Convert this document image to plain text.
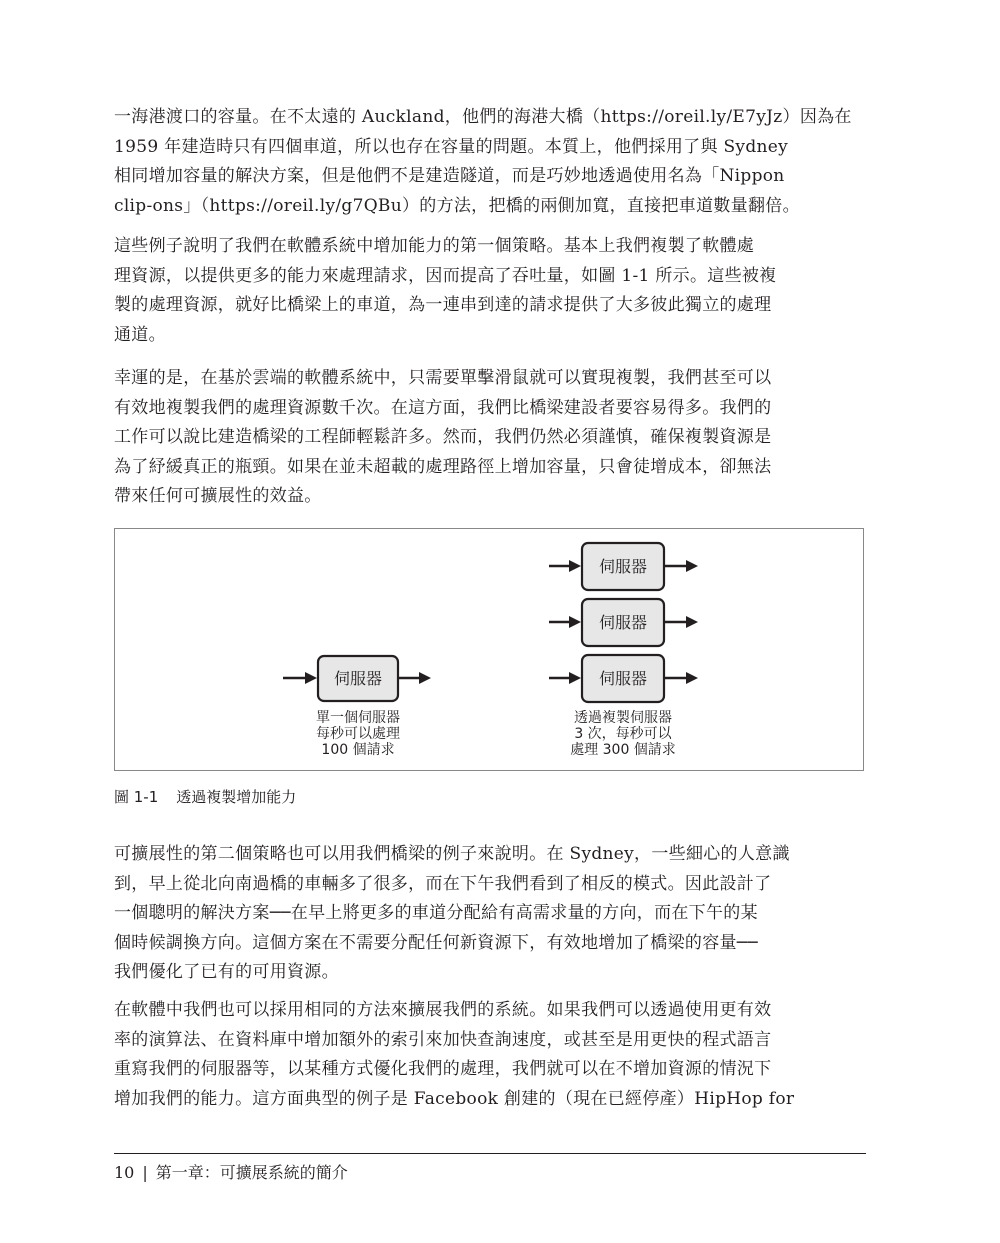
一海港渡口的容量。在不太遠的 Auckland，他們的海港大橋（https://oreil.ly/E7yJz）因為在
1959 年建造時只有四個車道，所以也存在容量的問題。本質上，他們採用了與 Sydney
相同增加容量的解決方案，但是他們不是建造隧道，而是巧妙地透過使用名為「Nippon
clip-ons」（https://oreil.ly/g7QBu）的方法，把橋的兩側加寬，直接把車道數量翻倍。
這些例子說明了我們在軟體系統中增加能力的第一個策略。基本上我們複製了軟體處
理資源，以提供更多的能力來處理請求，因而提高了吞吐量，如圖 1-1 所示。這些被複
製的處理資源，就好比橋梁上的車道，為一連串到達的請求提供了大多彼此獨立的處理
通道。
幸運的是，在基於雲端的軟體系統中，只需要單擊滑鼠就可以實現複製，我們甚至可以
有效地複製我們的處理資源數千次。在這方面，我們比橋梁建設者要容易得多。我們的
工作可以說比建造橋梁的工程師輕鬆許多。然而，我們仍然必須謹慎，確保複製資源是
為了紓緩真正的瓶頸。如果在並未超載的處理路徑上增加容量，只會徒增成本，卻無法
帶來任何可擴展性的效益。
伺服器
單一個伺服器
每秒可以處理
100 個請求
伺服器
伺服器
伺服器
透過複製伺服器
3 次，每秒可以
處理 300 個請求
圖 1-1 透過複製增加能力
可擴展性的第二個策略也可以用我們橋梁的例子來說明。在 Sydney，一些細心的人意識
到，早上從北向南過橋的車輛多了很多，而在下午我們看到了相反的模式。因此設計了
一個聰明的解決方案──在早上將更多的車道分配給有高需求量的方向，而在下午的某
個時候調換方向。這個方案在不需要分配任何新資源下，有效地增加了橋梁的容量──
我們優化了已有的可用資源。
在軟體中我們也可以採用相同的方法來擴展我們的系統。如果我們可以透過使用更有效
率的演算法、在資料庫中增加額外的索引來加快查詢速度，或甚至是用更快的程式語言
重寫我們的伺服器等，以某種方式優化我們的處理，我們就可以在不增加資源的情況下
增加我們的能力。這方面典型的例子是 Facebook 創建的（現在已經停產）HipHop for
10 | 第一章：可擴展系統的簡介
